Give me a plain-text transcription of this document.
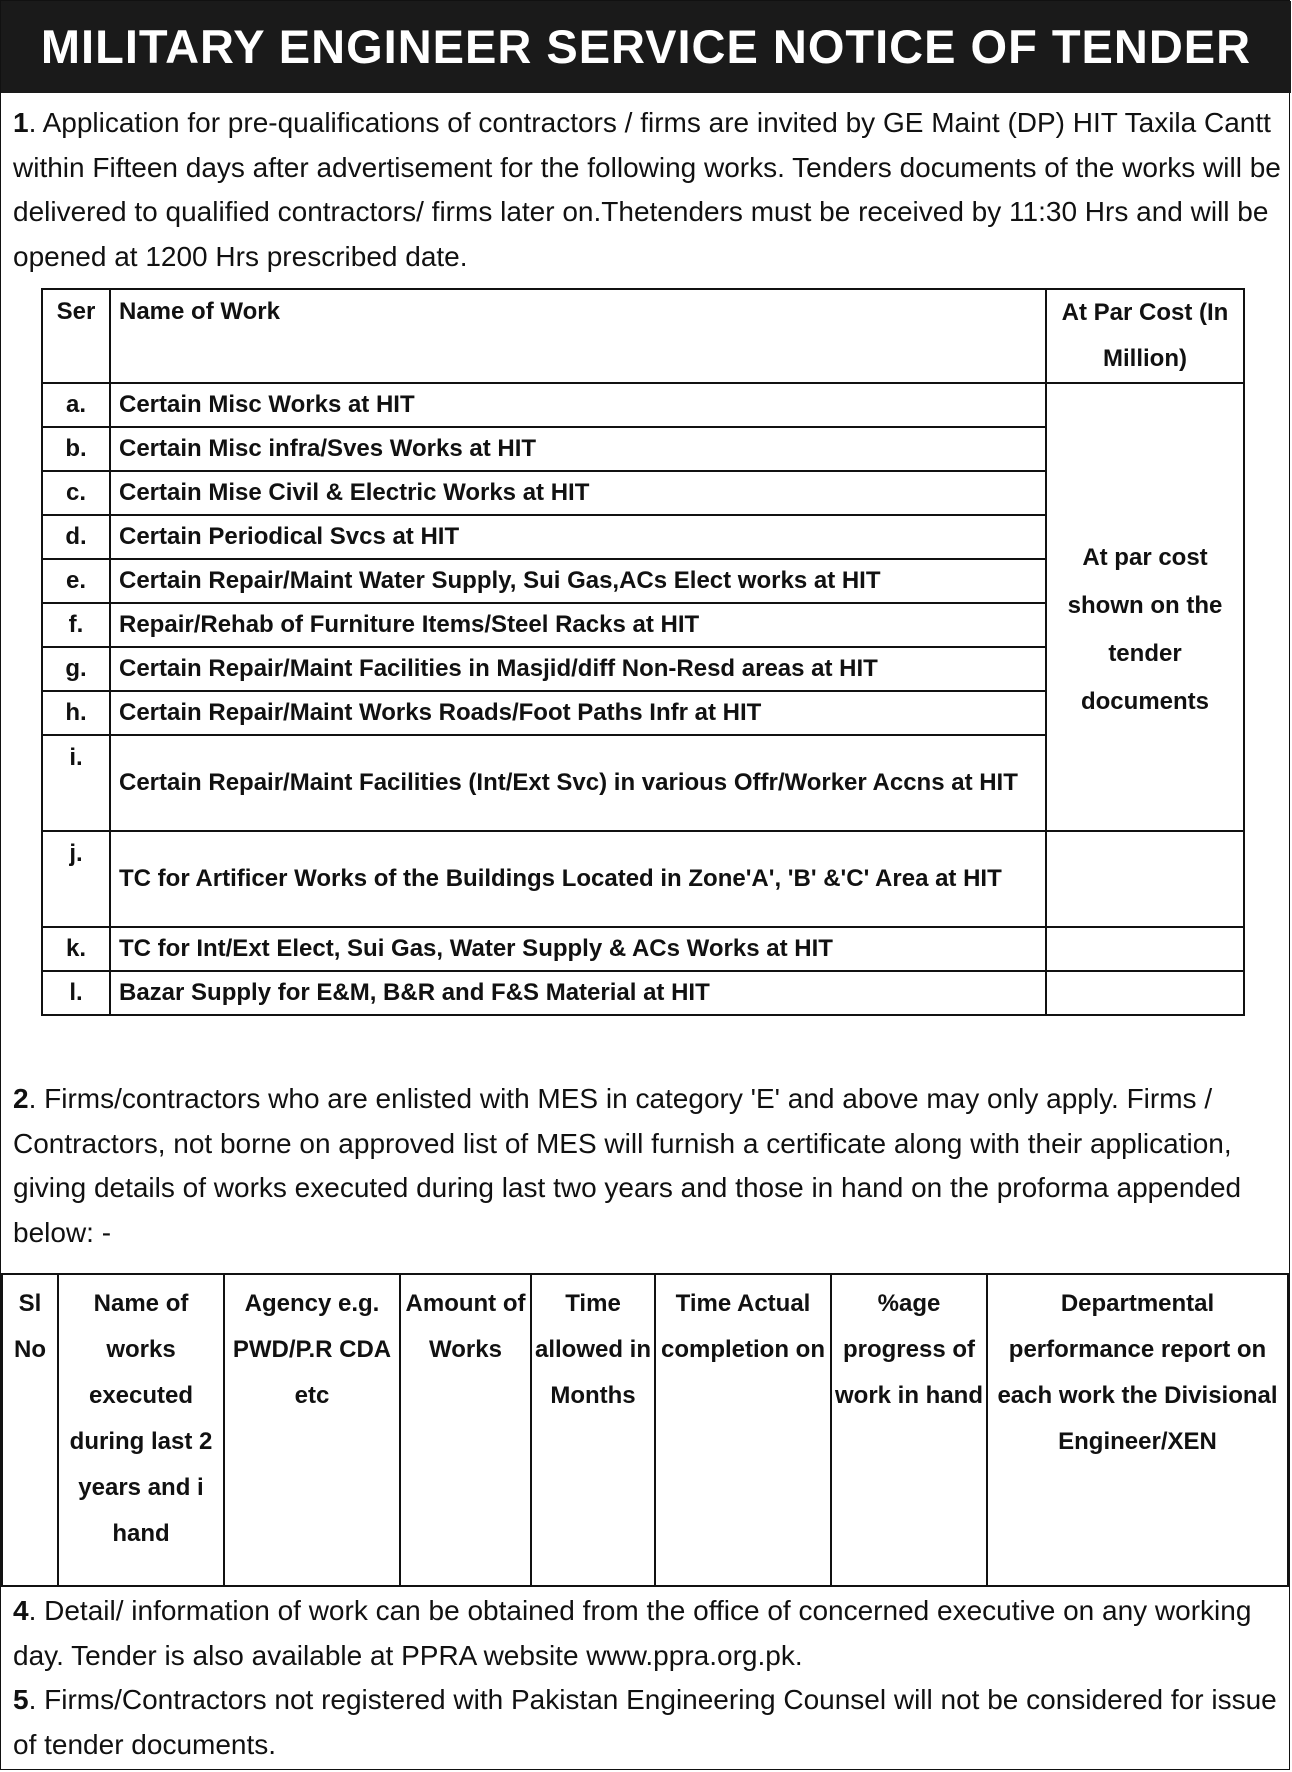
MILITARY ENGINEER SERVICE NOTICE OF TENDER
1. Application for pre-qualifications of contractors / firms are invited by GE Maint (DP) HIT Taxila Cantt within Fifteen days after advertisement for the following works. Tenders documents of the works will be delivered to qualified contractors/ firms later on.Thetenders must be received by 11:30 Hrs and will be opened at 1200 Hrs prescribed date.
Ser	Name of Work	At Par Cost (In Million)
a.	Certain Misc Works at HIT	At par cost shown on the tender documents
b.	Certain Misc infra/Sves Works at HIT	
c.	Certain Mise Civil & Electric Works at HIT	
d.	Certain Periodical Svcs at HIT	
e.	Certain Repair/Maint Water Supply, Sui Gas,ACs Elect works at HIT	
f.	Repair/Rehab of Furniture Items/Steel Racks at HIT	
g.	Certain Repair/Maint Facilities in Masjid/diff Non-Resd areas at HIT	
h.	Certain Repair/Maint Works Roads/Foot Paths Infr at HIT	
i.	Certain Repair/Maint Facilities (Int/Ext Svc) in various Offr/Worker Accns at HIT	
j.	TC for Artificer Works of the Buildings Located in Zone'A', 'B' &'C' Area at HIT	
k.	TC for Int/Ext Elect, Sui Gas, Water Supply & ACs Works at HIT	
l.	Bazar Supply for E&M, B&R and F&S Material at HIT	
2. Firms/contractors who are enlisted with MES in category 'E' and above may only apply. Firms / Contractors, not borne on approved list of MES will furnish a certificate along with their application, giving details of works executed during last two years and those in hand on the proforma appended below: -
Sl No	Name of works executed during last 2 years and i hand	Agency e.g. PWD/P.R CDA etc	Amount of Works	Time allowed in Months	Time Actual completion on	%age progress of work in hand	Departmental performance report on each work the Divisional Engineer/XEN
4. Detail/ information of work can be obtained from the office of concerned executive on any working day. Tender is also available at PPRA website www.ppra.org.pk.
5. Firms/Contractors not registered with Pakistan Engineering Counsel will not be considered for issue of tender documents.
